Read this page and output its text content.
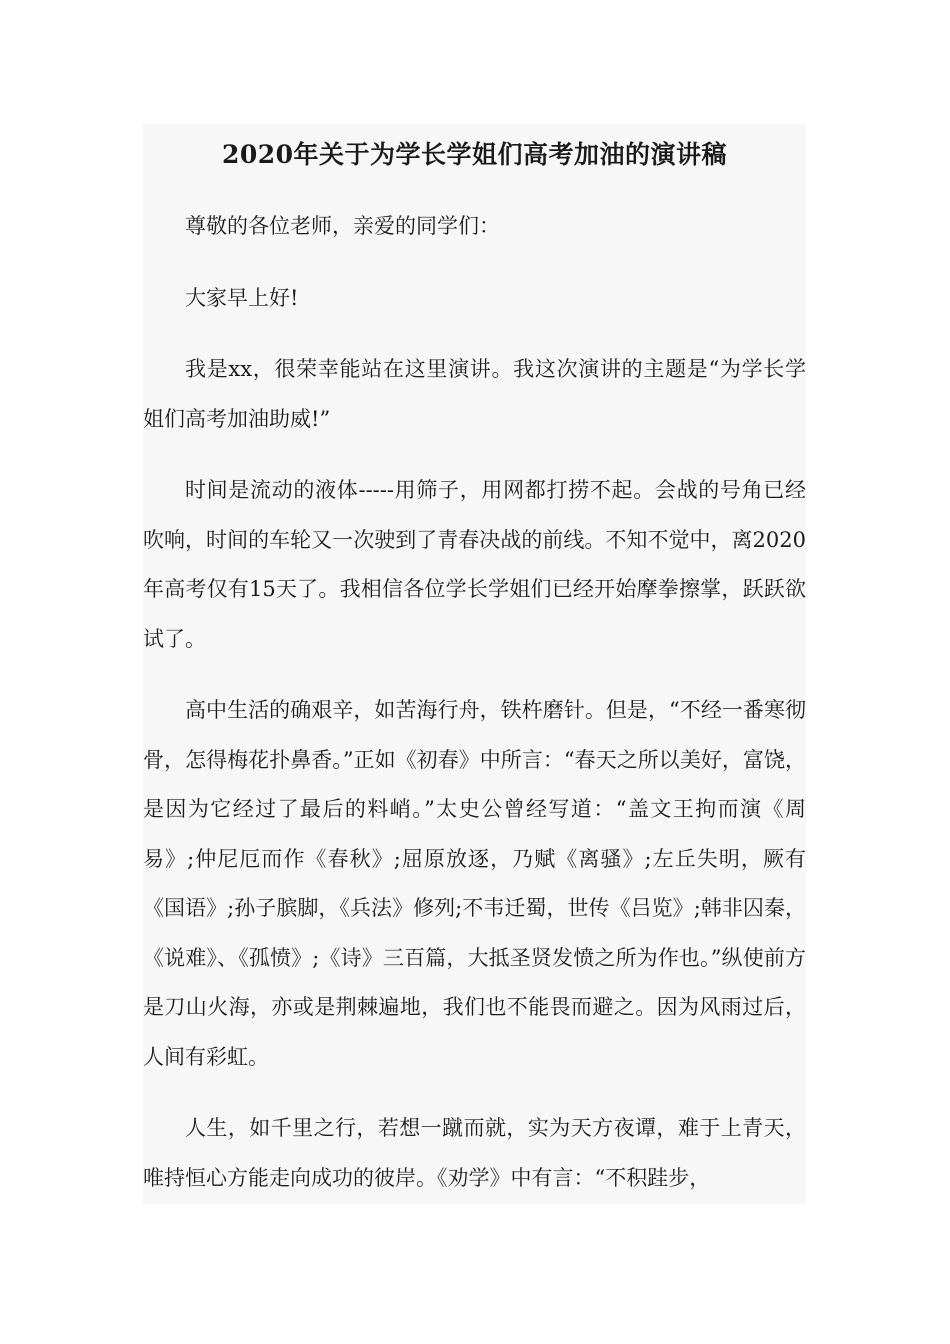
2020年关于为学长学姐们高考加油的演讲稿

尊敬的各位老师，亲爱的同学们：

大家早上好!

我是xx，很荣幸能站在这里演讲。我这次演讲的主题是“为学长学姐们高考加油助威!”

时间是流动的液体-----用筛子，用网都打捞不起。会战的号角已经吹响，时间的车轮又一次驶到了青春决战的前线。不知不觉中，离2020年高考仅有15天了。我相信各位学长学姐们已经开始摩拳擦掌，跃跃欲试了。

高中生活的确艰辛，如苦海行舟，铁杵磨针。但是，“不经一番寒彻骨，怎得梅花扑鼻香。”正如《初春》中所言：“春天之所以美好，富饶，是因为它经过了最后的料峭。”太史公曾经写道：“盖文王拘而演《周易》;仲尼厄而作《春秋》;屈原放逐，乃赋《离骚》;左丘失明，厥有《国语》;孙子膑脚，《兵法》修列;不韦迁蜀，世传《吕览》;韩非囚秦，《说难》、《孤愤》;《诗》三百篇，大抵圣贤发愤之所为作也。”纵使前方是刀山火海，亦或是荆棘遍地，我们也不能畏而避之。因为风雨过后，人间有彩虹。

人生，如千里之行，若想一蹴而就，实为天方夜谭，难于上青天，唯持恒心方能走向成功的彼岸。《劝学》中有言：“不积跬步，
